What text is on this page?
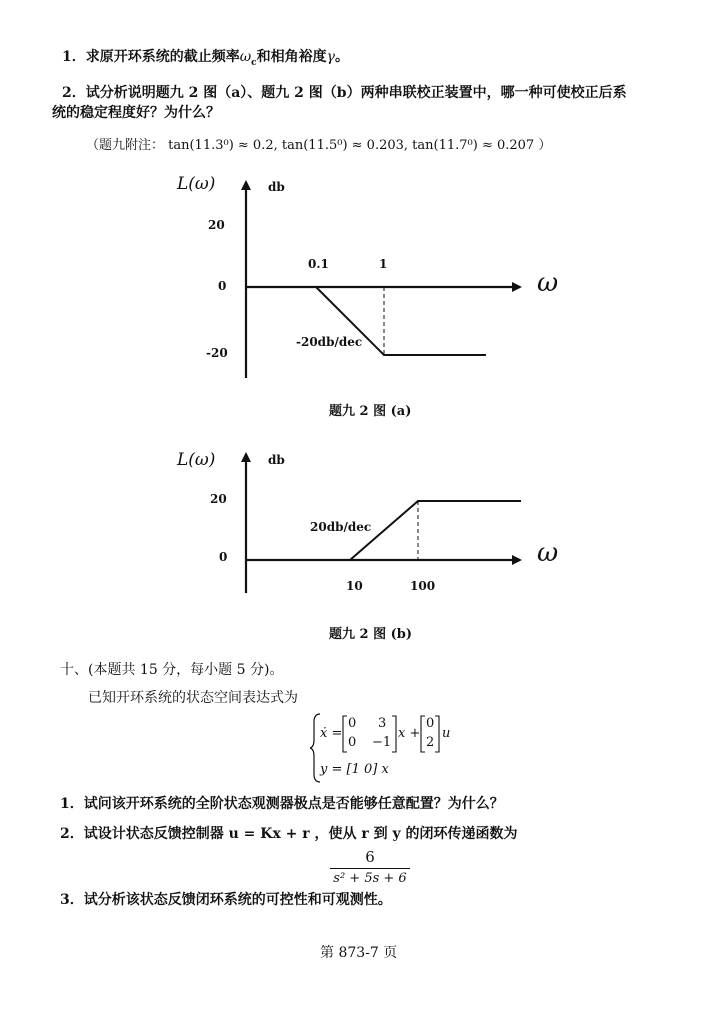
1．求原开环系统的截止频率$\omega_c$和相角裕度γ。
2．试分析说明题九 2 图（a）、题九 2 图（b）两种串联校正装置中，哪一种可使校正后系
统的稳定程度好？为什么？
（题九附注： tan(11.3⁰) ≈ 0.2, tan(11.5⁰) ≈ 0.203, tan(11.7⁰) ≈ 0.207 ）
L(ω)	db
20
0
-20
0.1	1
ω
-20db/dec
题九 2 图 (a)
L(ω)	db
20
0
10	100
ω
20db/dec
题九 2 图 (b)
十、(本题共 15 分，每小题 5 分)。
已知开环系统的状态空间表达式为
ẋ =
0 3
0 −1
x +
0
2
u
y = [1 0] x
1．试问该开环系统的全阶状态观测器极点是否能够任意配置？为什么？
2．试设计状态反馈控制器 u = Kx + r ，使从 r 到 y 的闭环传递函数为
$\frac{6}{\text{s² + 5s + 6}}$
3．试分析该状态反馈闭环系统的可控性和可观测性。
第 873-7 页
